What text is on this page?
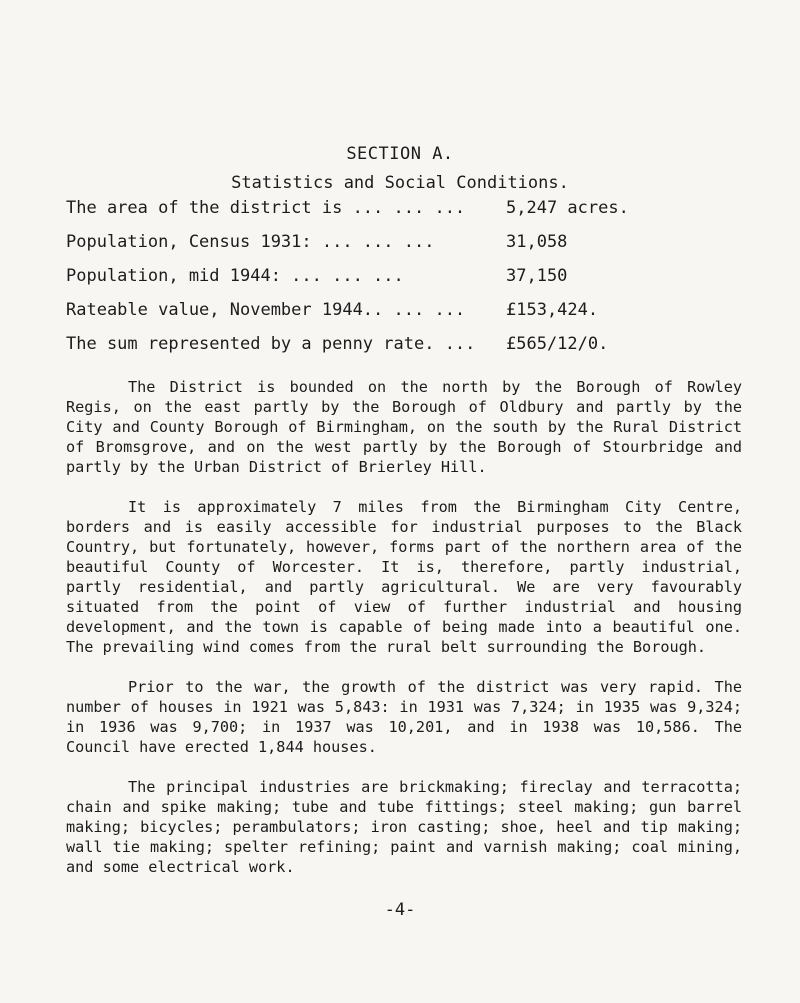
SECTION A.
Statistics and Social Conditions.

The area of the district is ... ... ...

5,247 acres.

Population, Census 1931: ... ... ...

	31,058

Population, mid 1944: ... ... ...

	37,150

Rateable value, November 1944.. ... ...

£153,424.

The sum represented by a penny rate. ...

£565/12/0.

The District is bounded on the north by the Borough of Rowley Regis, on the east partly by the Borough of Oldbury and partly by the City and County Borough of Birmingham, on the south by the Rural District of Bromsgrove, and on the west partly by the Borough of Stourbridge and partly by the Urban District of Brierley Hill.

It is approximately 7 miles from the Birmingham City Centre, borders and is easily accessible for industrial purposes to the Black Country, but fortunately, however, forms part of the northern area of the beautiful County of Worcester. It is, therefore, partly industrial, partly residential, and partly agricultural. We are very favourably situated from the point of view of further industrial and housing development, and the town is capable of being made into a beautiful one. The prevailing wind comes from the rural belt surrounding the Borough.

Prior to the war, the growth of the district was very rapid. The number of houses in 1921 was 5,843: in 1931 was 7,324; in 1935 was 9,324; in 1936 was 9,700; in 1937 was 10,201, and in 1938 was 10,586. The Council have erected 1,844 houses.

The principal industries are brickmaking; fireclay and terracotta; chain and spike making; tube and tube fittings; steel making; gun barrel making; bicycles; perambulators; iron casting; shoe, heel and tip making; wall tie making; spelter refining; paint and varnish making; coal mining, and some electrical work.

-4-
